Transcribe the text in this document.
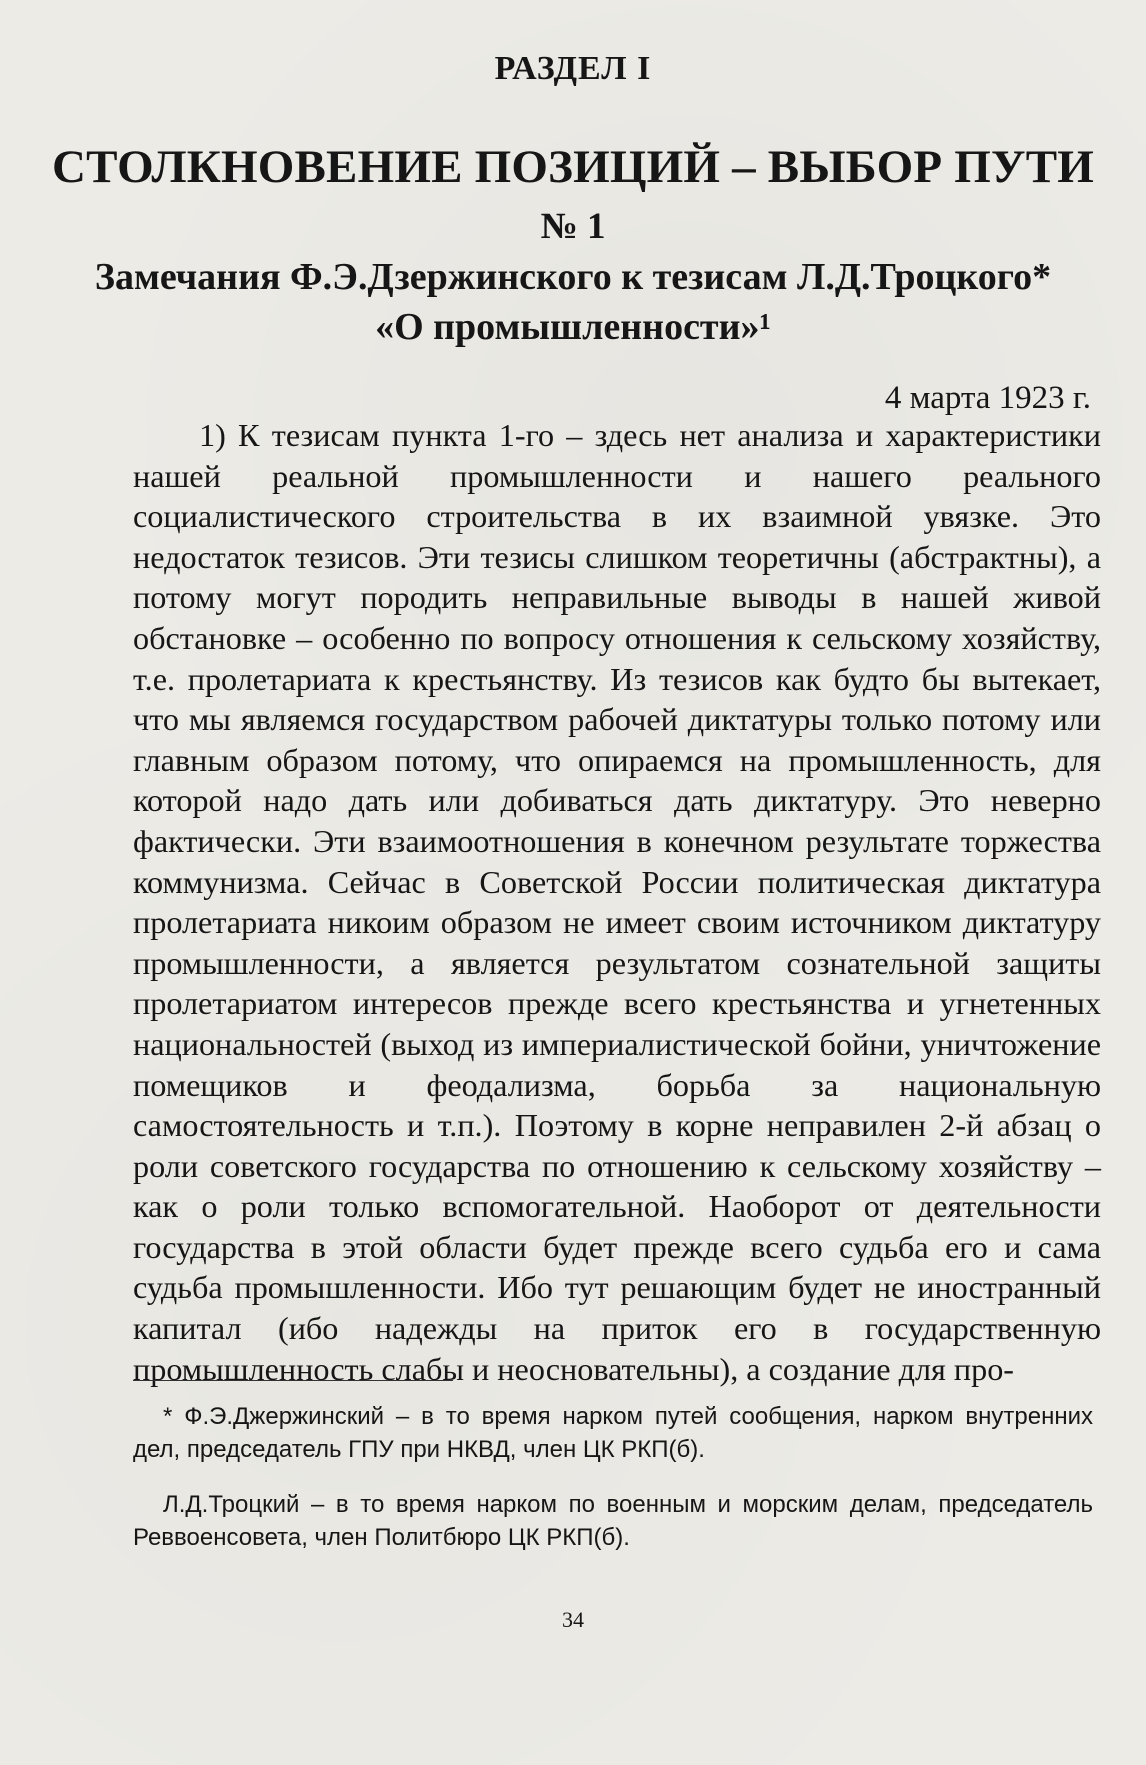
РАЗДЕЛ I
СТОЛКНОВЕНИЕ ПОЗИЦИЙ – ВЫБОР ПУТИ
№ 1
Замечания Ф.Э.Дзержинского к тезисам Л.Д.Троцкого*
«О промышленности»¹
4 марта 1923 г.

1) К тезисам пункта 1-го – здесь нет анализа и характеристики нашей реальной промышленности и нашего реального социалистического строительства в их взаимной увязке. Это недостаток тезисов. Эти тезисы слишком теоретичны (абстрактны), а потому могут породить неправильные выводы в нашей живой обстановке – особенно по вопросу отношения к сельскому хозяйству, т.е. пролетариата к крестьянству. Из тезисов как будто бы вытекает, что мы являемся государством рабочей диктатуры только потому или главным образом потому, что опираемся на промышленность, для которой надо дать или добиваться дать диктатуру. Это неверно фактически. Эти взаимоотношения в конечном результате торжества коммунизма. Сейчас в Советской России политическая диктатура пролетариата никоим образом не имеет своим источником диктатуру промышленности, а является результатом сознательной защиты пролетариатом интересов прежде всего крестьянства и угнетенных национальностей (выход из империалистической бойни, уничтожение помещиков и феодализма, борьба за национальную самостоятельность и т.п.). Поэтому в корне неправилен 2-й абзац о роли советского государства по отношению к сельскому хозяйству – как о роли только вспомогательной. Наоборот от деятельности государства в этой области будет прежде всего судьба его и сама судьба промышленности. Ибо тут решающим будет не иностранный капитал (ибо надежды на приток его в государственную промышленность слабы и неосновательны), а создание для про-

* Ф.Э.Джержинский – в то время нарком путей сообщения, нарком внутренних дел, председатель ГПУ при НКВД, член ЦК РКП(б).

Л.Д.Троцкий – в то время нарком по военным и морским делам, председатель Реввоенсовета, член Политбюро ЦК РКП(б).

34
